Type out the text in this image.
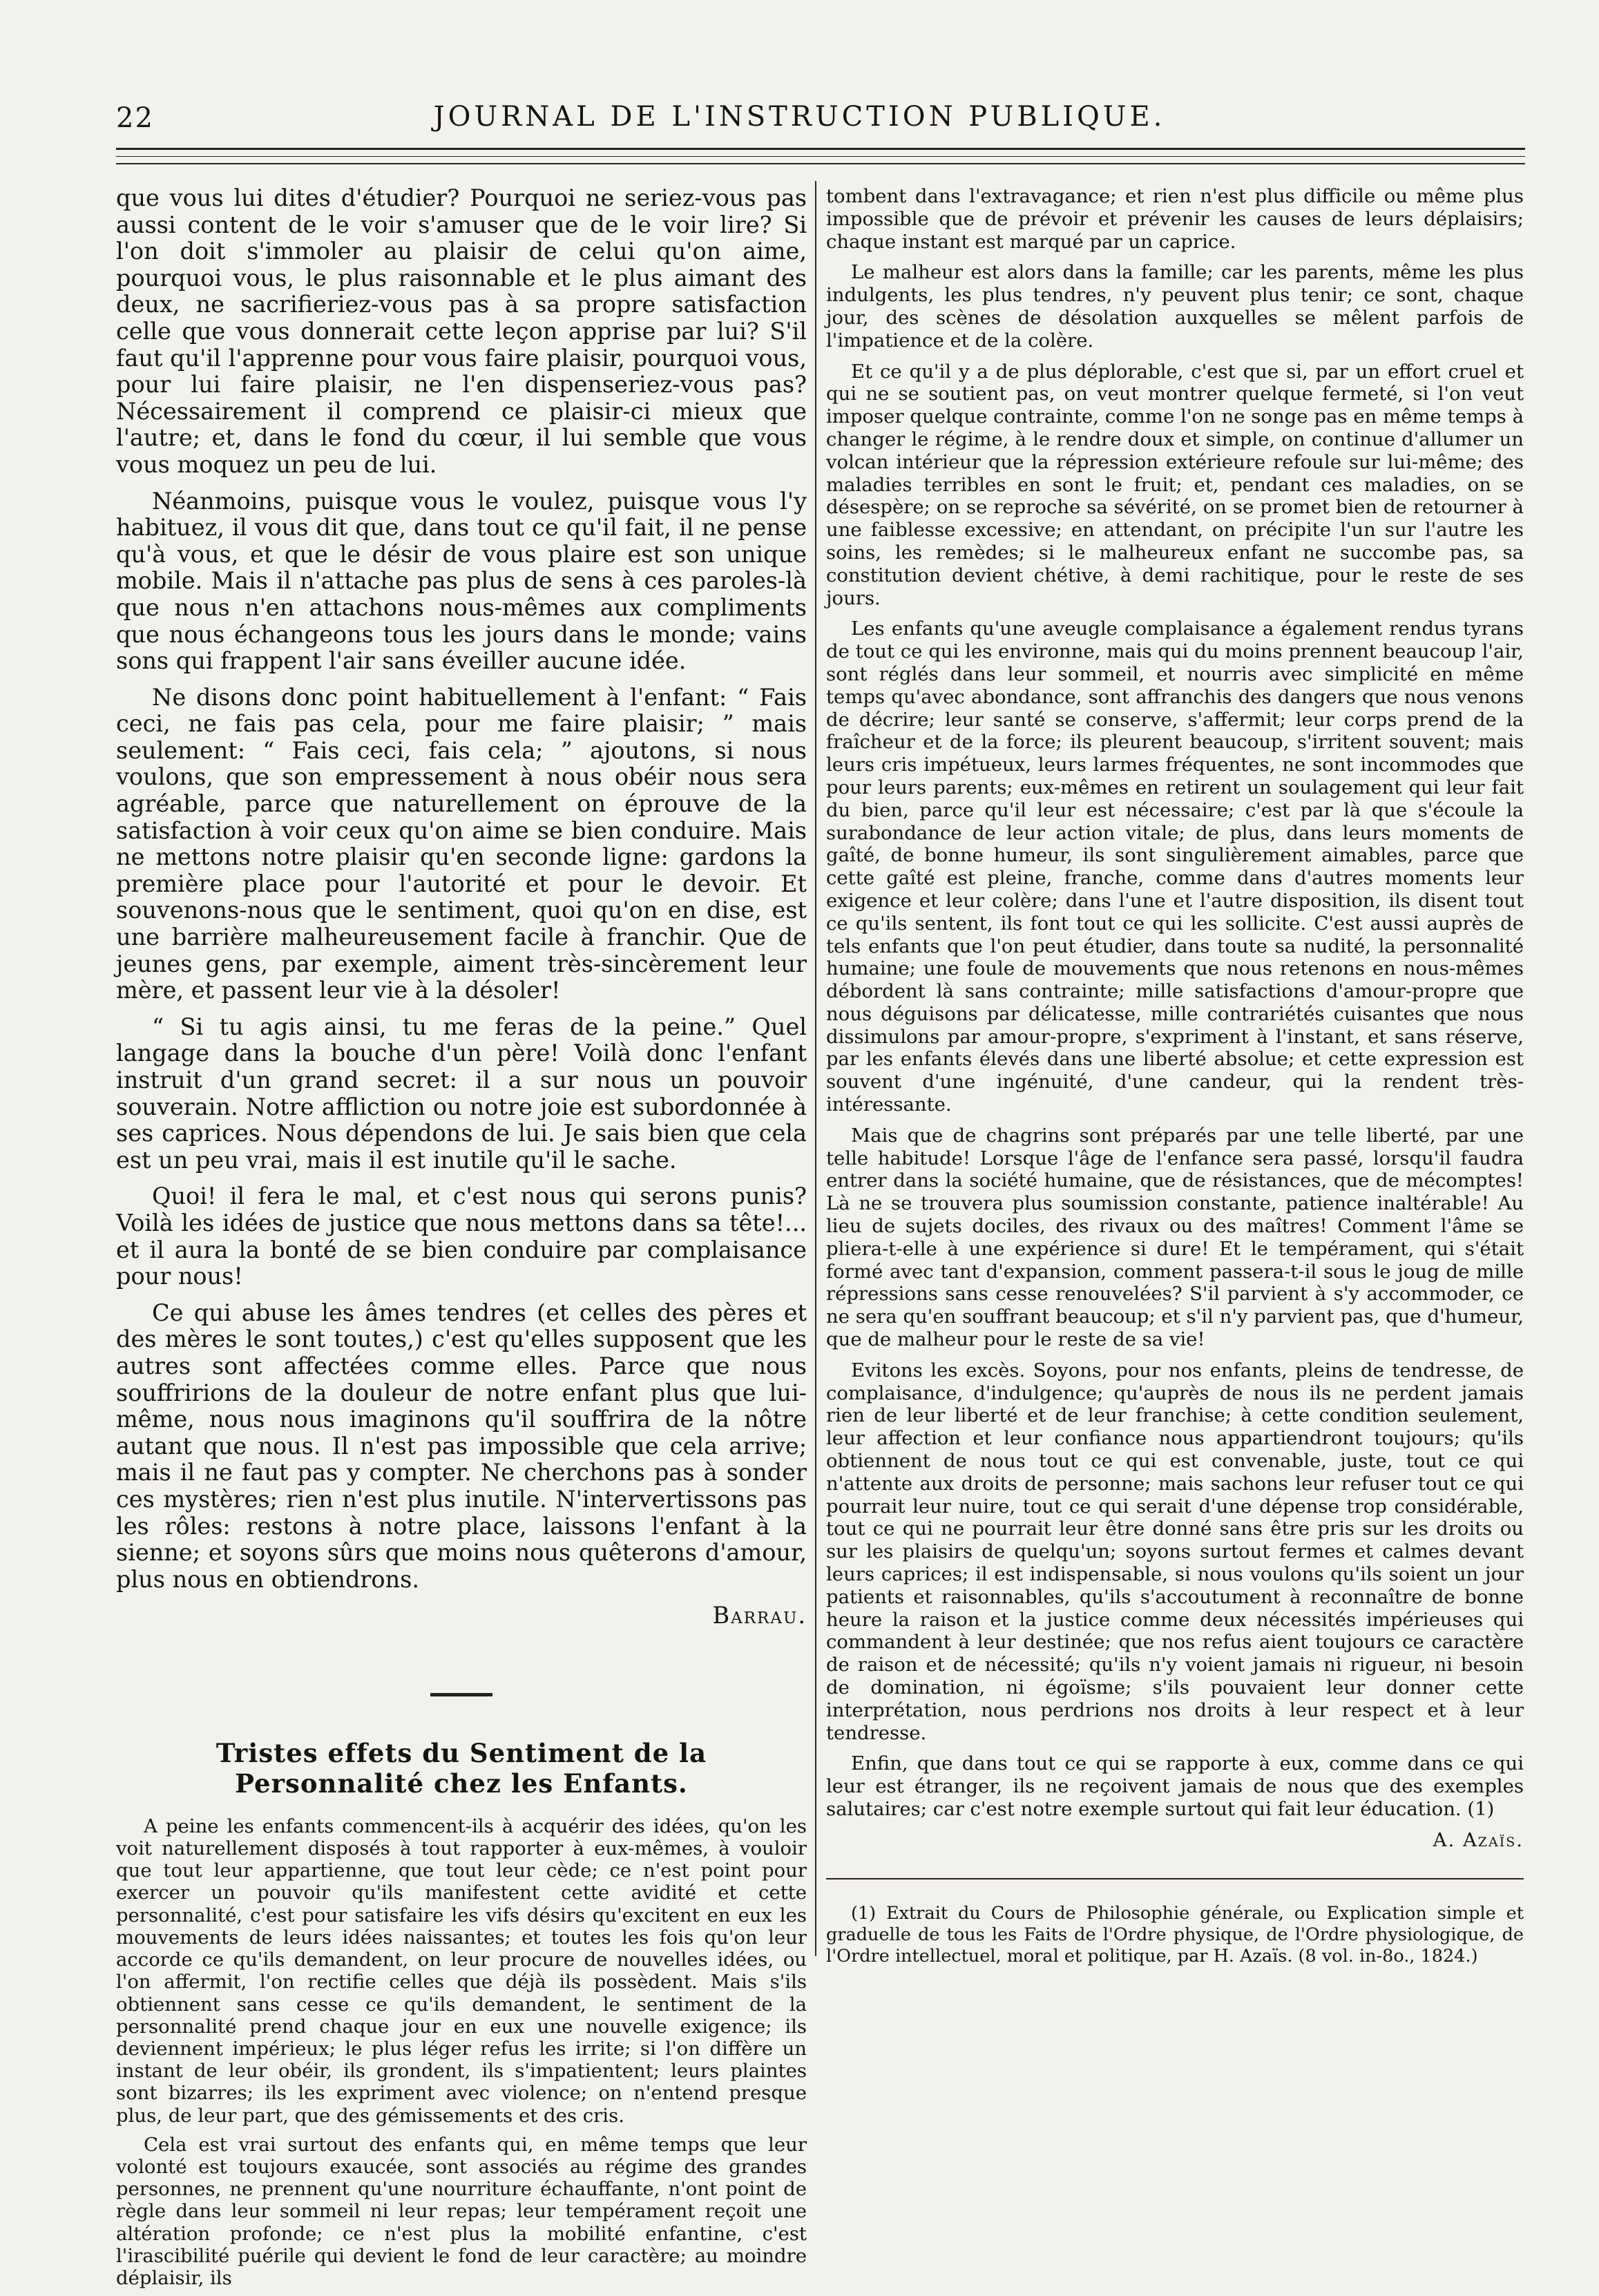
22	JOURNAL DE L'INSTRUCTION PUBLIQUE.

que vous lui dites d'étudier? Pourquoi ne seriez-vous pas aussi content de le voir s'amuser que de le voir lire? Si l'on doit s'immoler au plaisir de celui qu'on aime, pourquoi vous, le plus raisonnable et le plus aimant des deux, ne sacrifieriez-vous pas à sa propre satisfaction celle que vous donnerait cette leçon apprise par lui? S'il faut qu'il l'apprenne pour vous faire plaisir, pourquoi vous, pour lui faire plaisir, ne l'en dispenseriez-vous pas? Nécessairement il comprend ce plaisir-ci mieux que l'autre; et, dans le fond du cœur, il lui semble que vous vous moquez un peu de lui.

Néanmoins, puisque vous le voulez, puisque vous l'y habituez, il vous dit que, dans tout ce qu'il fait, il ne pense qu'à vous, et que le désir de vous plaire est son unique mobile. Mais il n'attache pas plus de sens à ces paroles-là que nous n'en attachons nous-mêmes aux compliments que nous échangeons tous les jours dans le monde; vains sons qui frappent l'air sans éveiller aucune idée.

Ne disons donc point habituellement à l'enfant: “ Fais ceci, ne fais pas cela, pour me faire plaisir; ” mais seulement: “ Fais ceci, fais cela; ” ajoutons, si nous voulons, que son empressement à nous obéir nous sera agréable, parce que naturellement on éprouve de la satisfaction à voir ceux qu'on aime se bien conduire. Mais ne mettons notre plaisir qu'en seconde ligne: gardons la première place pour l'autorité et pour le devoir. Et souvenons-nous que le sentiment, quoi qu'on en dise, est une barrière malheureusement facile à franchir. Que de jeunes gens, par exemple, aiment très-sincèrement leur mère, et passent leur vie à la désoler!

“ Si tu agis ainsi, tu me feras de la peine.” Quel langage dans la bouche d'un père! Voilà donc l'enfant instruit d'un grand secret: il a sur nous un pouvoir souverain. Notre affliction ou notre joie est subordonnée à ses caprices. Nous dépendons de lui. Je sais bien que cela est un peu vrai, mais il est inutile qu'il le sache.

Quoi! il fera le mal, et c'est nous qui serons punis? Voilà les idées de justice que nous mettons dans sa tête!... et il aura la bonté de se bien conduire par complaisance pour nous!

Ce qui abuse les âmes tendres (et celles des pères et des mères le sont toutes,) c'est qu'elles supposent que les autres sont affectées comme elles. Parce que nous souffririons de la douleur de notre enfant plus que lui-même, nous nous imaginons qu'il souffrira de la nôtre autant que nous. Il n'est pas impossible que cela arrive; mais il ne faut pas y compter. Ne cherchons pas à sonder ces mystères; rien n'est plus inutile. N'intervertissons pas les rôles: restons à notre place, laissons l'enfant à la sienne; et soyons sûrs que moins nous quêterons d'amour, plus nous en obtiendrons.

Barrau.

Tristes effets du Sentiment de la Personnalité chez les Enfants.

A peine les enfants commencent-ils à acquérir des idées, qu'on les voit naturellement disposés à tout rapporter à eux-mêmes, à vouloir que tout leur appartienne, que tout leur cède; ce n'est point pour exercer un pouvoir qu'ils manifestent cette avidité et cette personnalité, c'est pour satisfaire les vifs désirs qu'excitent en eux les mouvements de leurs idées naissantes; et toutes les fois qu'on leur accorde ce qu'ils demandent, on leur procure de nouvelles idées, ou l'on affermit, l'on rectifie celles que déjà ils possèdent. Mais s'ils obtiennent sans cesse ce qu'ils demandent, le sentiment de la personnalité prend chaque jour en eux une nouvelle exigence; ils deviennent impérieux; le plus léger refus les irrite; si l'on diffère un instant de leur obéir, ils grondent, ils s'impatientent; leurs plaintes sont bizarres; ils les expriment avec violence; on n'entend presque plus, de leur part, que des gémissements et des cris.

Cela est vrai surtout des enfants qui, en même temps que leur volonté est toujours exaucée, sont associés au régime des grandes personnes, ne prennent qu'une nourriture échauffante, n'ont point de règle dans leur sommeil ni leur repas; leur tempérament reçoit une altération profonde; ce n'est plus la mobilité enfantine, c'est l'irascibilité puérile qui devient le fond de leur caractère; au moindre déplaisir, ils

tombent dans l'extravagance; et rien n'est plus difficile ou même plus impossible que de prévoir et prévenir les causes de leurs déplaisirs; chaque instant est marqué par un caprice.

Le malheur est alors dans la famille; car les parents, même les plus indulgents, les plus tendres, n'y peuvent plus tenir; ce sont, chaque jour, des scènes de désolation auxquelles se mêlent parfois de l'impatience et de la colère.

Et ce qu'il y a de plus déplorable, c'est que si, par un effort cruel et qui ne se soutient pas, on veut montrer quelque fermeté, si l'on veut imposer quelque contrainte, comme l'on ne songe pas en même temps à changer le régime, à le rendre doux et simple, on continue d'allumer un volcan intérieur que la répression extérieure refoule sur lui-même; des maladies terribles en sont le fruit; et, pendant ces maladies, on se désespère; on se reproche sa sévérité, on se promet bien de retourner à une faiblesse excessive; en attendant, on précipite l'un sur l'autre les soins, les remèdes; si le malheureux enfant ne succombe pas, sa constitution devient chétive, à demi rachitique, pour le reste de ses jours.

Les enfants qu'une aveugle complaisance a également rendus tyrans de tout ce qui les environne, mais qui du moins prennent beaucoup l'air, sont réglés dans leur sommeil, et nourris avec simplicité en même temps qu'avec abondance, sont affranchis des dangers que nous venons de décrire; leur santé se conserve, s'affermit; leur corps prend de la fraîcheur et de la force; ils pleurent beaucoup, s'irritent souvent; mais leurs cris impétueux, leurs larmes fréquentes, ne sont incommodes que pour leurs parents; eux-mêmes en retirent un soulagement qui leur fait du bien, parce qu'il leur est nécessaire; c'est par là que s'écoule la surabondance de leur action vitale; de plus, dans leurs moments de gaîté, de bonne humeur, ils sont singulièrement aimables, parce que cette gaîté est pleine, franche, comme dans d'autres moments leur exigence et leur colère; dans l'une et l'autre disposition, ils disent tout ce qu'ils sentent, ils font tout ce qui les sollicite. C'est aussi auprès de tels enfants que l'on peut étudier, dans toute sa nudité, la personnalité humaine; une foule de mouvements que nous retenons en nous-mêmes débordent là sans contrainte; mille satisfactions d'amour-propre que nous déguisons par délicatesse, mille contrariétés cuisantes que nous dissimulons par amour-propre, s'expriment à l'instant, et sans réserve, par les enfants élevés dans une liberté absolue; et cette expression est souvent d'une ingénuité, d'une candeur, qui la rendent très-intéressante.

Mais que de chagrins sont préparés par une telle liberté, par une telle habitude! Lorsque l'âge de l'enfance sera passé, lorsqu'il faudra entrer dans la société humaine, que de résistances, que de mécomptes! Là ne se trouvera plus soumission constante, patience inaltérable! Au lieu de sujets dociles, des rivaux ou des maîtres! Comment l'âme se pliera-t-elle à une expérience si dure! Et le tempérament, qui s'était formé avec tant d'expansion, comment passera-t-il sous le joug de mille répressions sans cesse renouvelées? S'il parvient à s'y accommoder, ce ne sera qu'en souffrant beaucoup; et s'il n'y parvient pas, que d'humeur, que de malheur pour le reste de sa vie!

Evitons les excès. Soyons, pour nos enfants, pleins de tendresse, de complaisance, d'indulgence; qu'auprès de nous ils ne perdent jamais rien de leur liberté et de leur franchise; à cette condition seulement, leur affection et leur confiance nous appartiendront toujours; qu'ils obtiennent de nous tout ce qui est convenable, juste, tout ce qui n'attente aux droits de personne; mais sachons leur refuser tout ce qui pourrait leur nuire, tout ce qui serait d'une dépense trop considérable, tout ce qui ne pourrait leur être donné sans être pris sur les droits ou sur les plaisirs de quelqu'un; soyons surtout fermes et calmes devant leurs caprices; il est indispensable, si nous voulons qu'ils soient un jour patients et raisonnables, qu'ils s'accoutument à reconnaître de bonne heure la raison et la justice comme deux nécessités impérieuses qui commandent à leur destinée; que nos refus aient toujours ce caractère de raison et de nécessité; qu'ils n'y voient jamais ni rigueur, ni besoin de domination, ni égoïsme; s'ils pouvaient leur donner cette interprétation, nous perdrions nos droits à leur respect et à leur tendresse.

Enfin, que dans tout ce qui se rapporte à eux, comme dans ce qui leur est étranger, ils ne reçoivent jamais de nous que des exemples salutaires; car c'est notre exemple surtout qui fait leur éducation. (1)

A. Azaïs.

(1) Extrait du Cours de Philosophie générale, ou Explication simple et graduelle de tous les Faits de l'Ordre physique, de l'Ordre physiologique, de l'Ordre intellectuel, moral et politique, par H. Azaïs. (8 vol. in-8o., 1824.)
